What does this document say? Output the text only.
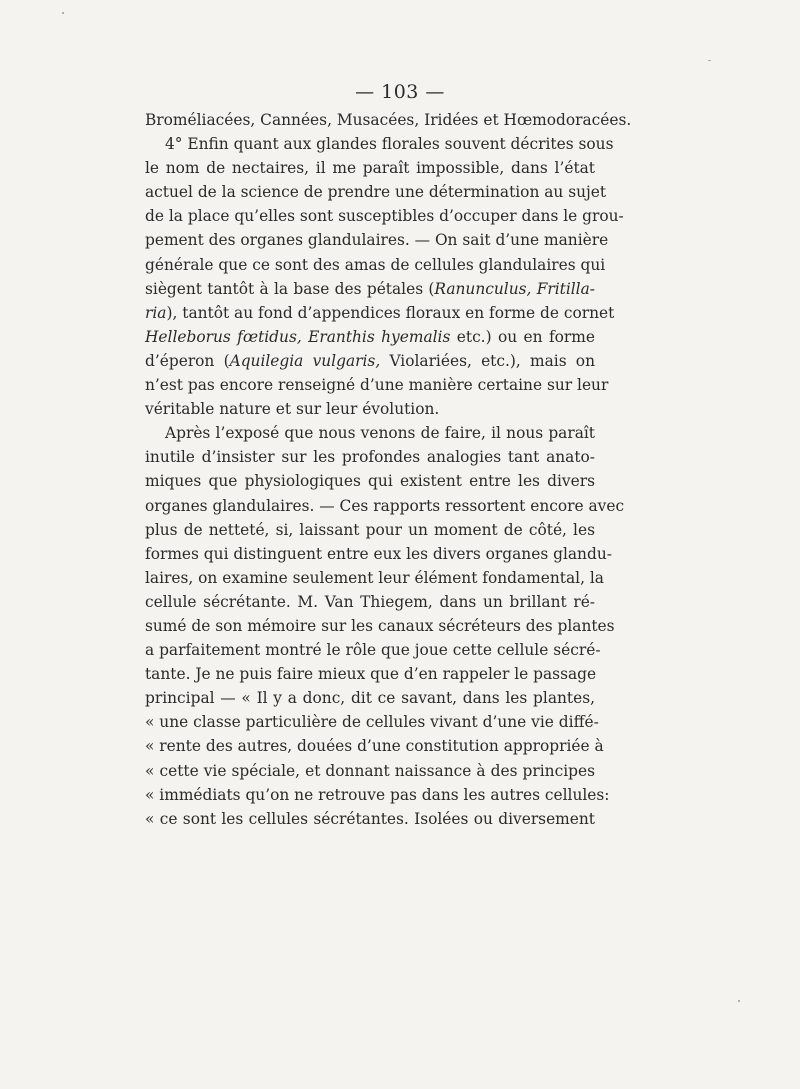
— 103 —
Broméliacées, Cannées, Musacées, Iridées et Hœmodoracées.
4° Enfin quant aux glandes florales souvent décrites sous
le nom de nectaires, il me paraît impossible, dans l’état
actuel de la science de prendre une détermination au sujet
de la place qu’elles sont susceptibles d’occuper dans le grou-
pement des organes glandulaires. — On sait d’une manière
générale que ce sont des amas de cellules glandulaires qui
siègent tantôt à la base des pétales (Ranunculus, Fritilla-
ria), tantôt au fond d’appendices floraux en forme de cornet
Helleborus fœtidus, Eranthis hyemalis etc.) ou en forme
d’éperon (Aquilegia vulgaris, Violariées, etc.), mais on
n’est pas encore renseigné d’une manière certaine sur leur
véritable nature et sur leur évolution.
Après l’exposé que nous venons de faire, il nous paraît
inutile d’insister sur les profondes analogies tant anato-
miques que physiologiques qui existent entre les divers
organes glandulaires. — Ces rapports ressortent encore avec
plus de netteté, si, laissant pour un moment de côté, les
formes qui distinguent entre eux les divers organes glandu-
laires, on examine seulement leur élément fondamental, la
cellule sécrétante. M. Van Thiegem, dans un brillant ré-
sumé de son mémoire sur les canaux sécréteurs des plantes
a parfaitement montré le rôle que joue cette cellule sécré-
tante. Je ne puis faire mieux que d’en rappeler le passage
principal — « Il y a donc, dit ce savant, dans les plantes,
« une classe particulière de cellules vivant d’une vie diffé-
« rente des autres, douées d’une constitution appropriée à
« cette vie spéciale, et donnant naissance à des principes
« immédiats qu’on ne retrouve pas dans les autres cellules:
« ce sont les cellules sécrétantes. Isolées ou diversement
